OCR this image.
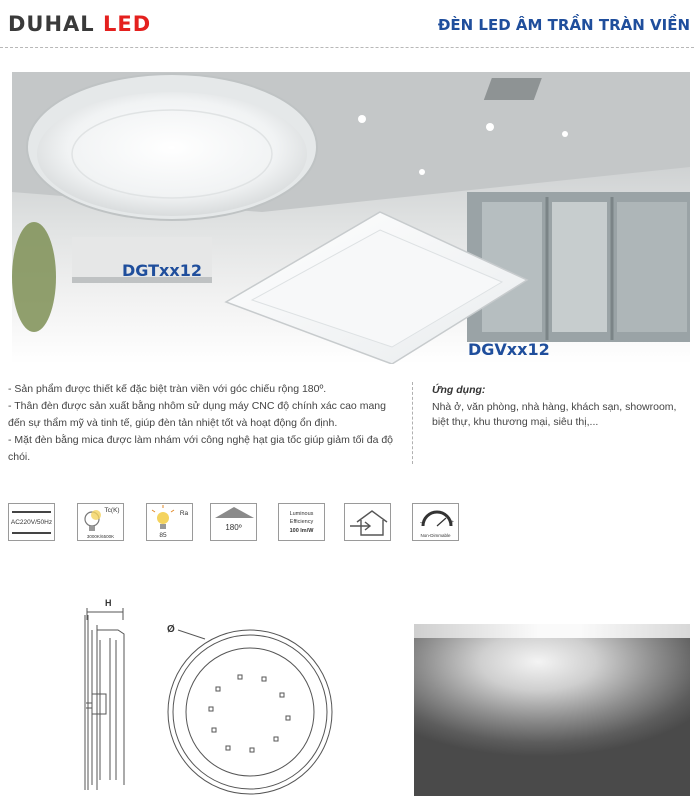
DUHAL LED	ĐÈN LED ÂM TRẦN TRÀN VIỀN
DGTxx12
DGVxx12

- Sản phẩm được thiết kế đặc biệt tràn viền với góc chiếu rộng 180º.

- Thân đèn được sản xuất bằng nhôm sử dụng máy CNC độ chính xác cao mang đến sự thẩm mỹ và tinh tế, giúp đèn tản nhiệt tốt và hoạt động ổn định.

- Mặt đèn bằng mica được làm nhám với công nghệ hạt gia tốc giúp giảm tối đa độ chói.

Ứng dụng:
Nhà ở, văn phòng, nhà hàng, khách sạn, showroom, biệt thự, khu thương mại, siêu thị,...
AC220V/50Hz
Tc(K)
3000K/6500K
Ra
85
180º
Luminous
Efficiency
100 lm/W
-	+
Non-Dimmable
H
Ø
